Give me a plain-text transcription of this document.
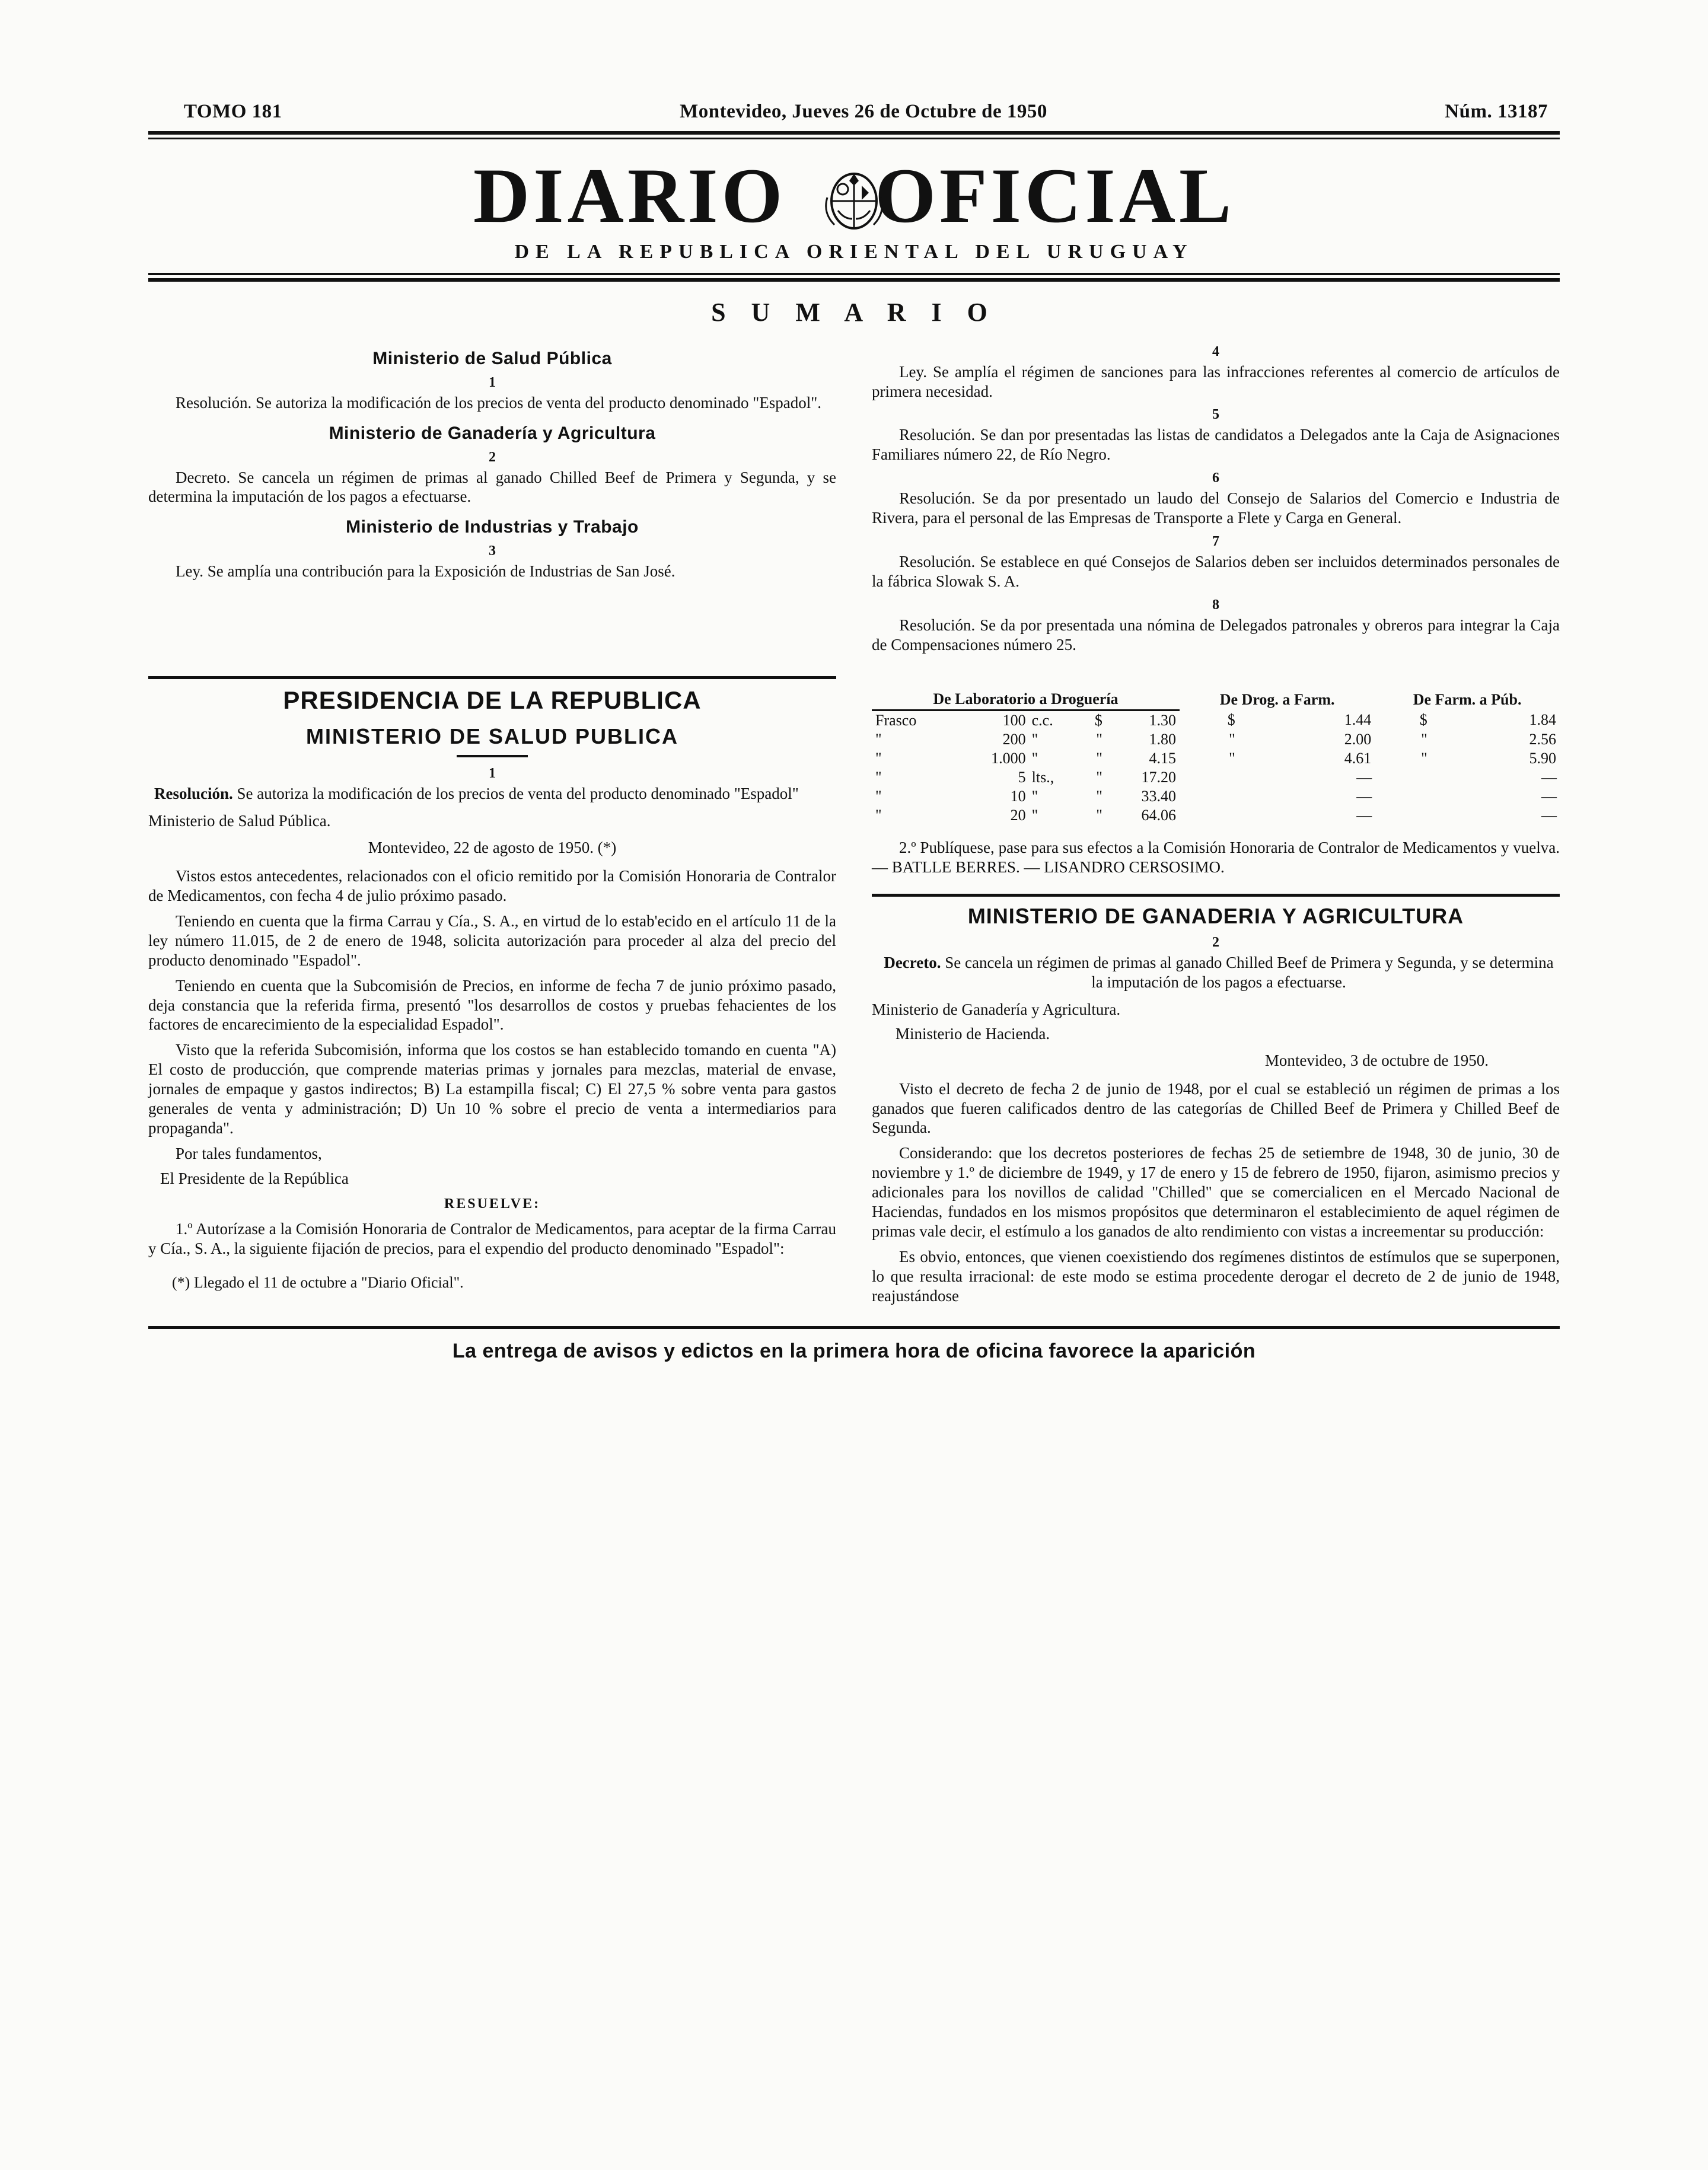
TOMO 181	Montevideo, Jueves 26 de Octubre de 1950	Núm. 13187
DIARIO OFICIAL
DE LA REPUBLICA ORIENTAL DEL URUGUAY
S U M A R I O
Ministerio de Salud Pública
1

Resolución. Se autoriza la modificación de los precios de venta del producto denominado "Espadol".

Ministerio de Ganadería y Agricultura
2

Decreto. Se cancela un régimen de primas al ganado Chilled Beef de Primera y Segunda, y se determina la imputación de los pagos a efectuarse.

Ministerio de Industrias y Trabajo
3

Ley. Se amplía una contribución para la Exposición de Industrias de San José.

4

Ley. Se amplía el régimen de sanciones para las infracciones referentes al comercio de artículos de primera necesidad.

5

Resolución. Se dan por presentadas las listas de candidatos a Delegados ante la Caja de Asignaciones Familiares número 22, de Río Negro.

6

Resolución. Se da por presentado un laudo del Consejo de Salarios del Comercio e Industria de Rivera, para el personal de las Empresas de Transporte a Flete y Carga en General.

7

Resolución. Se establece en qué Consejos de Salarios deben ser incluidos determinados personales de la fábrica Slowak S. A.

8

Resolución. Se da por presentada una nómina de Delegados patronales y obreros para integrar la Caja de Compensaciones número 25.

PRESIDENCIA DE LA REPUBLICA
MINISTERIO DE SALUD PUBLICA
1

Resolución. Se autoriza la modificación de los precios de venta del producto denominado "Espadol"

Ministerio de Salud Pública.

Montevideo, 22 de agosto de 1950. (*)

Vistos estos antecedentes, relacionados con el oficio remitido por la Comisión Honoraria de Contralor de Medicamentos, con fecha 4 de julio próximo pasado.

Teniendo en cuenta que la firma Carrau y Cía., S. A., en virtud de lo estab'ecido en el artículo 11 de la ley número 11.015, de 2 de enero de 1948, solicita autorización para proceder al alza del precio del producto denominado "Espadol".

Teniendo en cuenta que la Subcomisión de Precios, en informe de fecha 7 de junio próximo pasado, deja constancia que la referida firma, presentó "los desarrollos de costos y pruebas fehacientes de los factores de encarecimiento de la especialidad Espadol".

Visto que la referida Subcomisión, informa que los costos se han establecido tomando en cuenta "A) El costo de producción, que comprende materias primas y jornales para mezclas, material de envase, jornales de empaque y gastos indirectos; B) La estampilla fiscal; C) El 27,5 % sobre venta para gastos generales de venta y administración; D) Un 10 % sobre el precio de venta a intermediarios para propaganda".

Por tales fundamentos,

El Presidente de la República

RESUELVE:

1.º Autorízase a la Comisión Honoraria de Contralor de Medicamentos, para aceptar de la firma Carrau y Cía., S. A., la siguiente fijación de precios, para el expendio del producto denominado "Espadol":

(*) Llegado el 11 de octubre a "Diario Oficial".

De Laboratorio a Droguería					De Drog. a Farm.		De Farm. a Púb.	
Frasco	100	c.c.	$	1.30	$	1.44	$	1.84
"	200	"	"	1.80	"	2.00	"	2.56
"	1.000	"	"	4.15	"	4.61	"	5.90
"	5	lts.,	"	17.20	—		—	
"	10	"	"	33.40	—		—	
"	20	"	"	64.06	—		—	

2.º Publíquese, pase para sus efectos a la Comisión Honoraria de Contralor de Medicamentos y vuelva. — BATLLE BERRES. — LISANDRO CERSOSIMO.

MINISTERIO DE GANADERIA Y AGRICULTURA
2

Decreto. Se cancela un régimen de primas al ganado Chilled Beef de Primera y Segunda, y se determina la imputación de los pagos a efectuarse.

Ministerio de Ganadería y Agricultura.

Ministerio de Hacienda.

Montevideo, 3 de octubre de 1950.

Visto el decreto de fecha 2 de junio de 1948, por el cual se estableció un régimen de primas a los ganados que fueren calificados dentro de las categorías de Chilled Beef de Primera y Chilled Beef de Segunda.

Considerando: que los decretos posteriores de fechas 25 de setiembre de 1948, 30 de junio, 30 de noviembre y 1.º de diciembre de 1949, y 17 de enero y 15 de febrero de 1950, fijaron, asimismo precios y adicionales para los novillos de calidad "Chilled" que se comercialicen en el Mercado Nacional de Haciendas, fundados en los mismos propósitos que determinaron el establecimiento de aquel régimen de primas vale decir, el estímulo a los ganados de alto rendimiento con vistas a increementar su producción:

Es obvio, entonces, que vienen coexistiendo dos regímenes distintos de estímulos que se superponen, lo que resulta irracional: de este modo se estima procedente derogar el decreto de 2 de junio de 1948, reajustándose

La entrega de avisos y edictos en la primera hora de oficina favorece la aparición
